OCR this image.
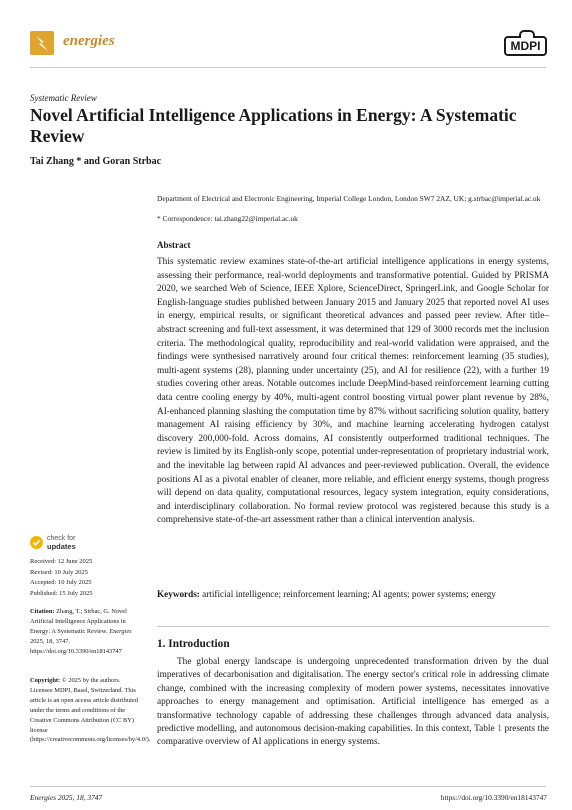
energies	MDPI
Systematic Review
Novel Artificial Intelligence Applications in Energy: A Systematic Review
Tai Zhang * and Goran Strbac
Department of Electrical and Electronic Engineering, Imperial College London, London SW7 2AZ, UK; g.strbac@imperial.ac.uk
* Correspondence: tai.zhang22@imperial.ac.uk
Abstract
This systematic review examines state-of-the-art artificial intelligence applications in energy systems, assessing their performance, real-world deployments and transformative potential. Guided by PRISMA 2020, we searched Web of Science, IEEE Xplore, ScienceDirect, SpringerLink, and Google Scholar for English-language studies published between January 2015 and January 2025 that reported novel AI uses in energy, empirical results, or significant theoretical advances and passed peer review. After title–abstract screening and full-text assessment, it was determined that 129 of 3000 records met the inclusion criteria. The methodological quality, reproducibility and real-world validation were appraised, and the findings were synthesised narratively around four critical themes: reinforcement learning (35 studies), multi-agent systems (28), planning under uncertainty (25), and AI for resilience (22), with a further 19 studies covering other areas. Notable outcomes include DeepMind-based reinforcement learning cutting data centre cooling energy by 40%, multi-agent control boosting virtual power plant revenue by 28%, AI-enhanced planning slashing the computation time by 87% without sacrificing solution quality, battery management AI raising efficiency by 30%, and machine learning accelerating hydrogen catalyst discovery 200,000-fold. Across domains, AI consistently outperformed traditional techniques. The review is limited by its English-only scope, potential under-representation of proprietary industrial work, and the inevitable lag between rapid AI advances and peer-reviewed publication. Overall, the evidence positions AI as a pivotal enabler of cleaner, more reliable, and efficient energy systems, though progress will depend on data quality, computational resources, legacy system integration, equity considerations, and interdisciplinary collaboration. No formal review protocol was registered because this study is a comprehensive state-of-the-art assessment rather than a clinical intervention analysis.
Keywords: artificial intelligence; reinforcement learning; AI agents; power systems; energy
check for
updates
Received: 12 June 2025
Revised: 10 July 2025
Accepted: 10 July 2025
Published: 15 July 2025
Citation: Zhang, T.; Strbac, G. Novel Artificial Intelligence Applications in Energy: A Systematic Review. Energies 2025, 18, 3747. https://doi.org/10.3390/en18143747
Copyright: © 2025 by the authors. Licensee MDPI, Basel, Switzerland. This article is an open access article distributed under the terms and conditions of the Creative Commons Attribution (CC BY) license (https://creativecommons.org/licenses/by/4.0/).
1. Introduction
The global energy landscape is undergoing unprecedented transformation driven by the dual imperatives of decarbonisation and digitalisation. The energy sector's critical role in addressing climate change, combined with the increasing complexity of modern power systems, necessitates innovative approaches to energy management and optimisation. Artificial intelligence has emerged as a transformative technology capable of addressing these challenges through advanced data analysis, predictive modelling, and autonomous decision-making capabilities. In this context, Table 1 presents the comparative overview of AI applications in energy systems.
Energies 2025, 18, 3747	https://doi.org/10.3390/en18143747
